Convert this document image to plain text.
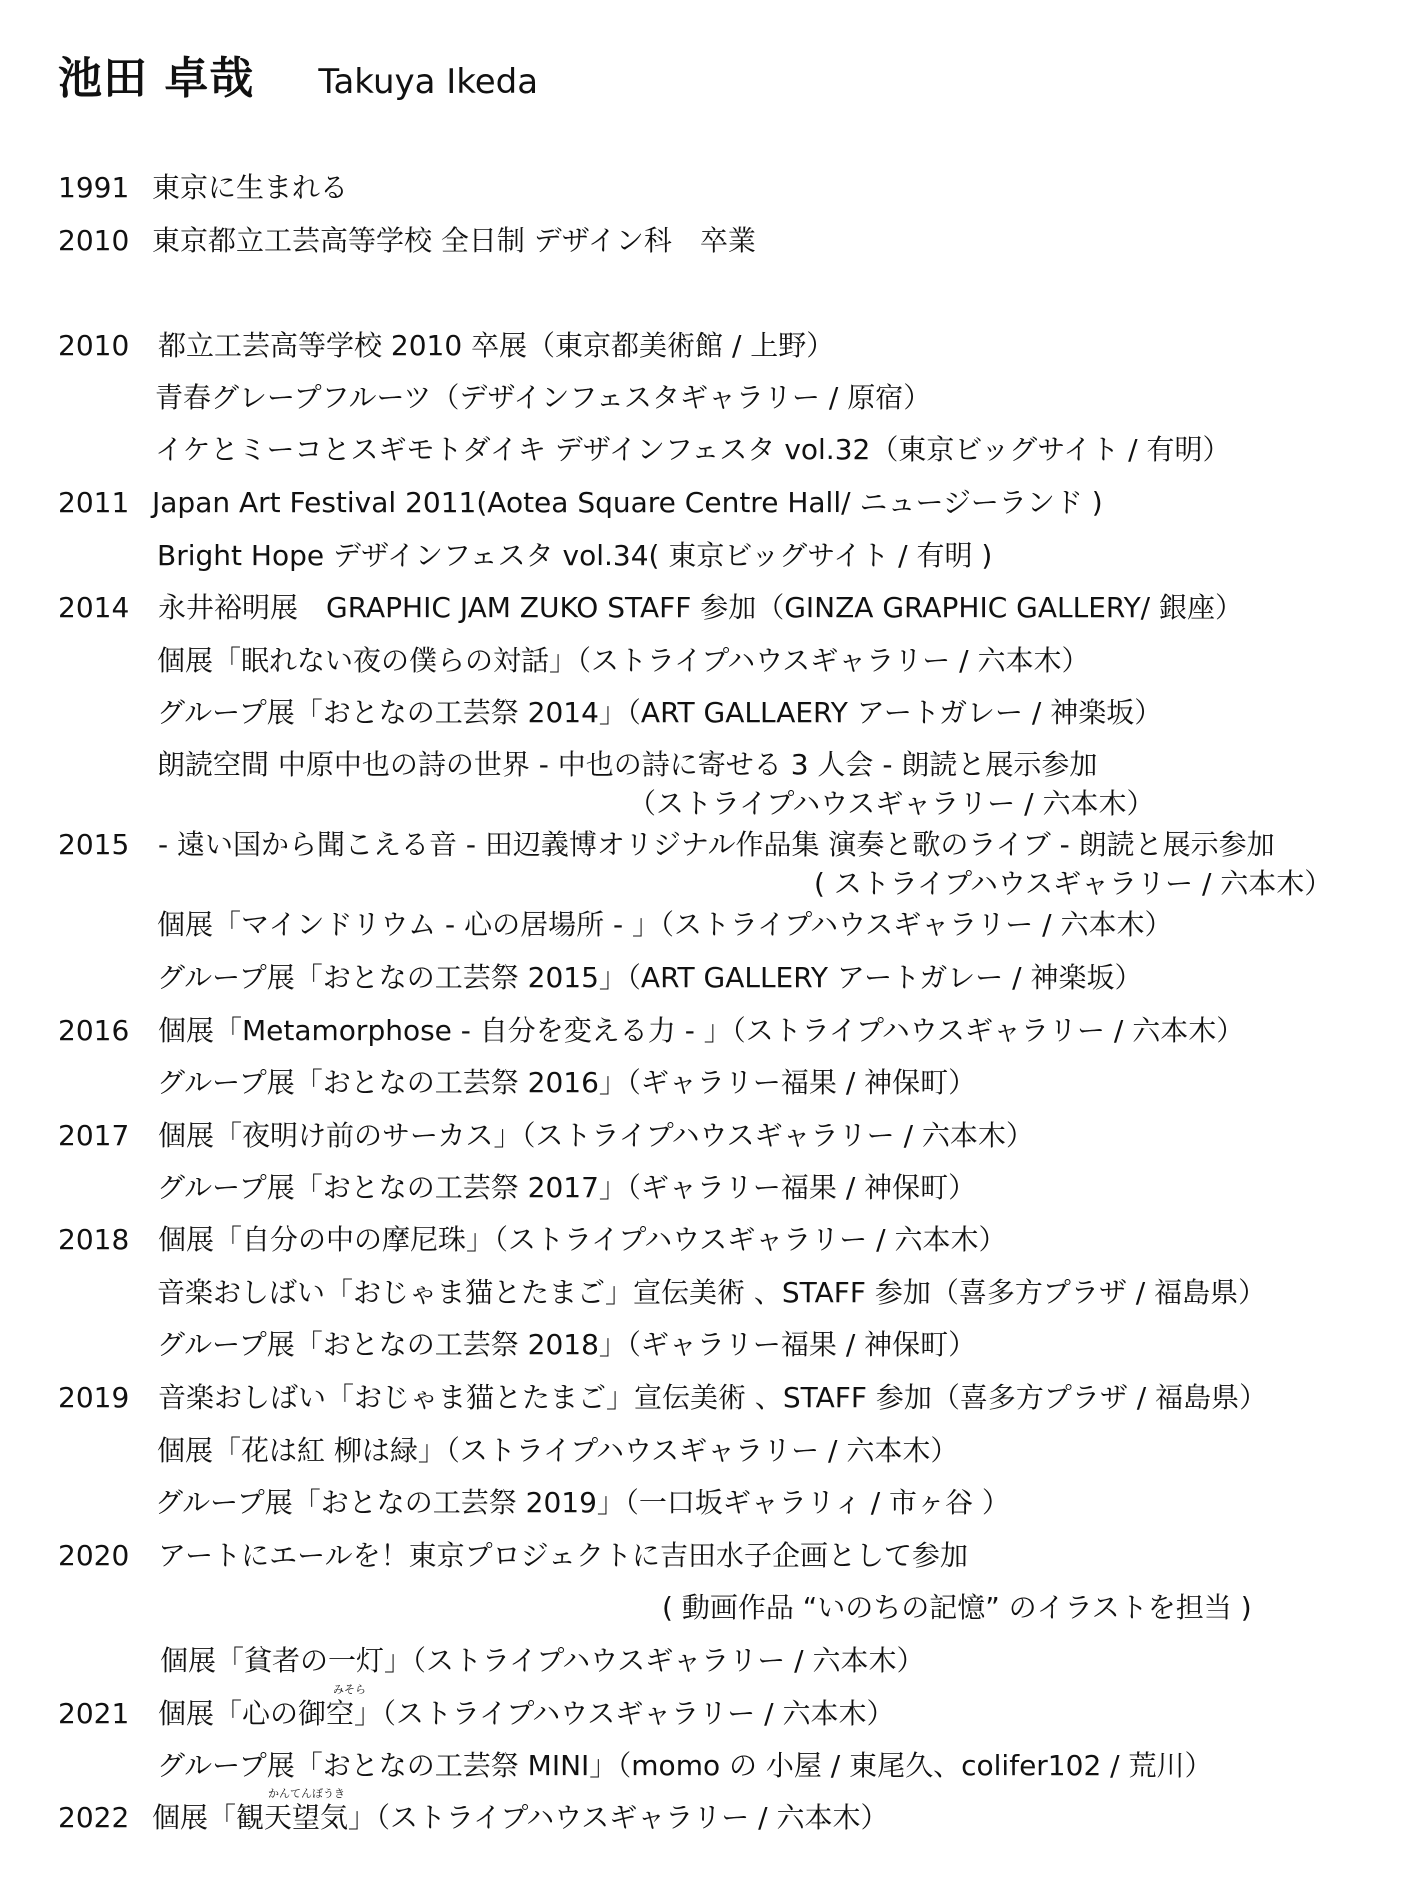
池田 卓哉 Takuya Ikeda
1991 東京に生まれる
2010 東京都立工芸高等学校 全日制 デザイン科　卒業
2010 都立工芸高等学校 2010 卒展（東京都美術館 / 上野）
青春グレープフルーツ（デザインフェスタギャラリー / 原宿）
イケとミーコとスギモトダイキ デザインフェスタ vol.32（東京ビッグサイト / 有明）
2011 Japan Art Festival 2011(Aotea Square Centre Hall/ ニュージーランド )
Bright Hope デザインフェスタ vol.34( 東京ビッグサイト / 有明 )
2014 永井裕明展　GRAPHIC JAM ZUKO STAFF 参加（GINZA GRAPHIC GALLERY/ 銀座）
個展「眠れない夜の僕らの対話」（ストライプハウスギャラリー / 六本木）
グループ展「おとなの工芸祭 2014」（ART GALLAERY アートガレー / 神楽坂）
朗読空間 中原中也の詩の世界 - 中也の詩に寄せる 3 人会 - 朗読と展示参加
（ストライプハウスギャラリー / 六本木）
2015 - 遠い国から聞こえる音 - 田辺義博オリジナル作品集 演奏と歌のライブ - 朗読と展示参加
( ストライプハウスギャラリー / 六本木）
個展「マインドリウム - 心の居場所 - 」（ストライプハウスギャラリー / 六本木）
グループ展「おとなの工芸祭 2015」（ART GALLERY アートガレー / 神楽坂）
2016 個展「Metamorphose - 自分を変える力 - 」（ストライプハウスギャラリー / 六本木）
グループ展「おとなの工芸祭 2016」（ギャラリー福果 / 神保町）
2017 個展「夜明け前のサーカス」（ストライプハウスギャラリー / 六本木）
グループ展「おとなの工芸祭 2017」（ギャラリー福果 / 神保町）
2018 個展「自分の中の摩尼珠」（ストライプハウスギャラリー / 六本木）
音楽おしばい「おじゃま猫とたまご」宣伝美術 、STAFF 参加（喜多方プラザ / 福島県）
グループ展「おとなの工芸祭 2018」（ギャラリー福果 / 神保町）
2019 音楽おしばい「おじゃま猫とたまご」宣伝美術 、STAFF 参加（喜多方プラザ / 福島県）
個展「花は紅 柳は緑」（ストライプハウスギャラリー / 六本木）
グループ展「おとなの工芸祭 2019」（一口坂ギャラリィ / 市ヶ谷 ）
2020 アートにエールを！東京プロジェクトに吉田水子企画として参加
( 動画作品 “いのちの記憶” のイラストを担当 )
個展「貧者の一灯」（ストライプハウスギャラリー / 六本木）
2021 個展「心の御空」（ストライプハウスギャラリー / 六本木）
みそら
グループ展「おとなの工芸祭 MINI」（momo の 小屋 / 東尾久、colifer102 / 荒川）
2022 個展「観天望気」（ストライプハウスギャラリー / 六本木）
かんてんぼうき
